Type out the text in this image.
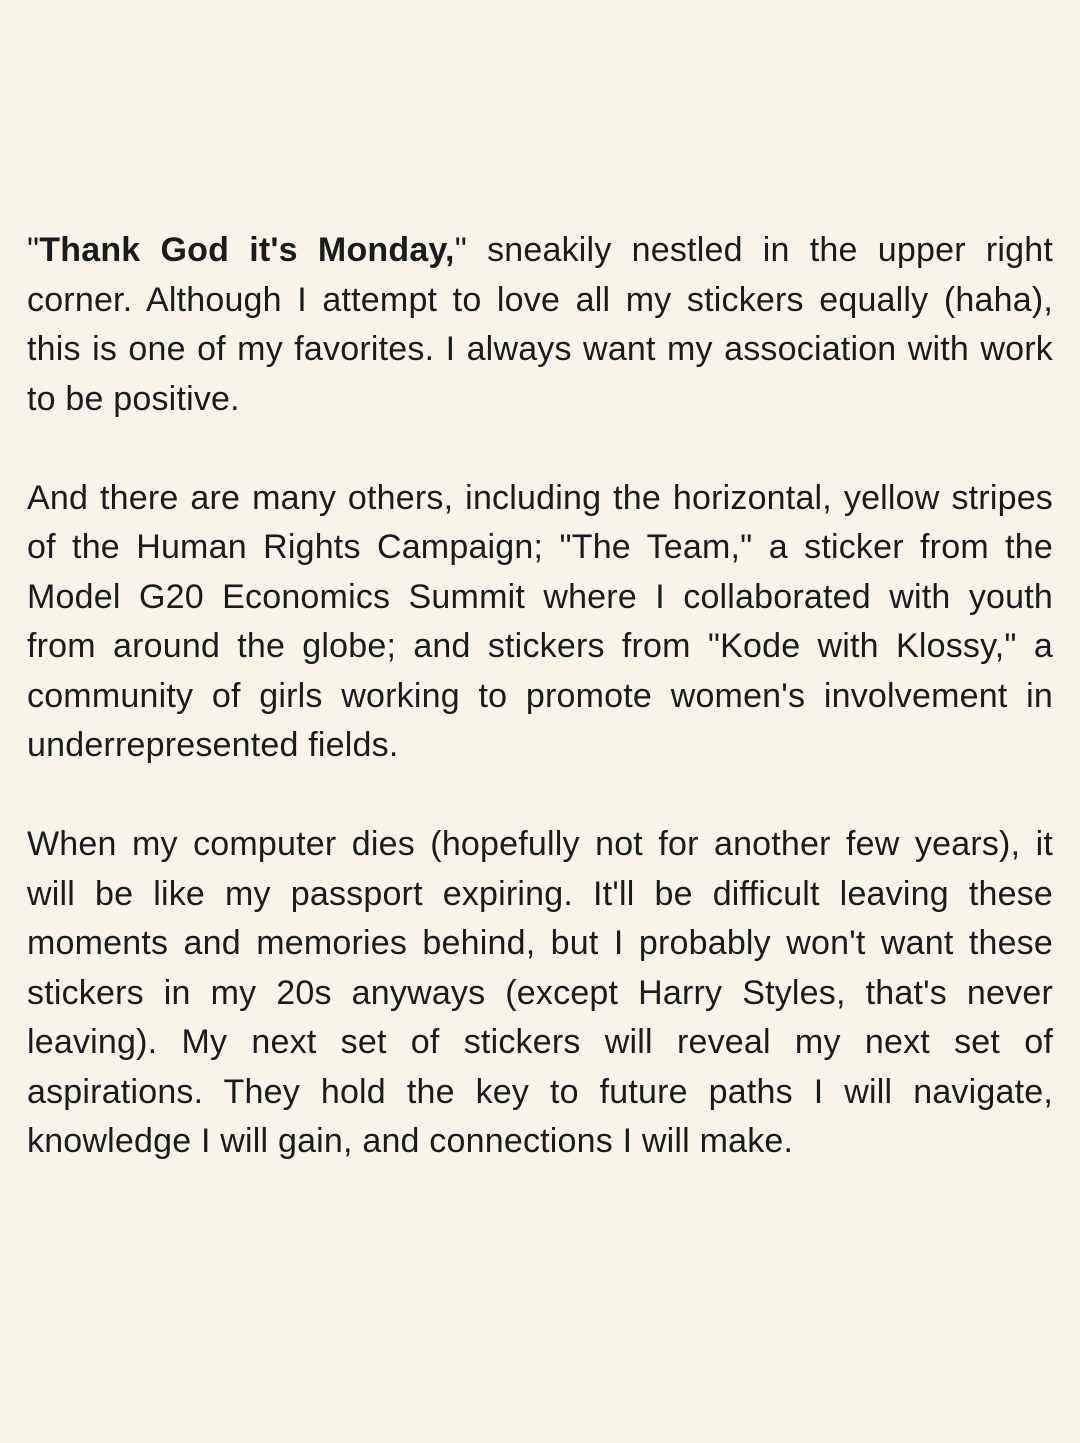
"Thank God it's Monday," sneakily nestled in the upper right corner. Although I attempt to love all my stickers equally (haha), this is one of my favorites. I always want my association with work to be positive.

And there are many others, including the horizontal, yellow stripes of the Human Rights Campaign; "The Team," a sticker from the Model G20 Economics Summit where I collaborated with youth from around the globe; and stickers from "Kode with Klossy," a community of girls working to promote women's involvement in underrepresented fields.

When my computer dies (hopefully not for another few years), it will be like my passport expiring. It'll be difficult leaving these moments and memories behind, but I probably won't want these stickers in my 20s anyways (except Harry Styles, that's never leaving). My next set of stickers will reveal my next set of aspirations. They hold the key to future paths I will navigate, knowledge I will gain, and connections I will make.
